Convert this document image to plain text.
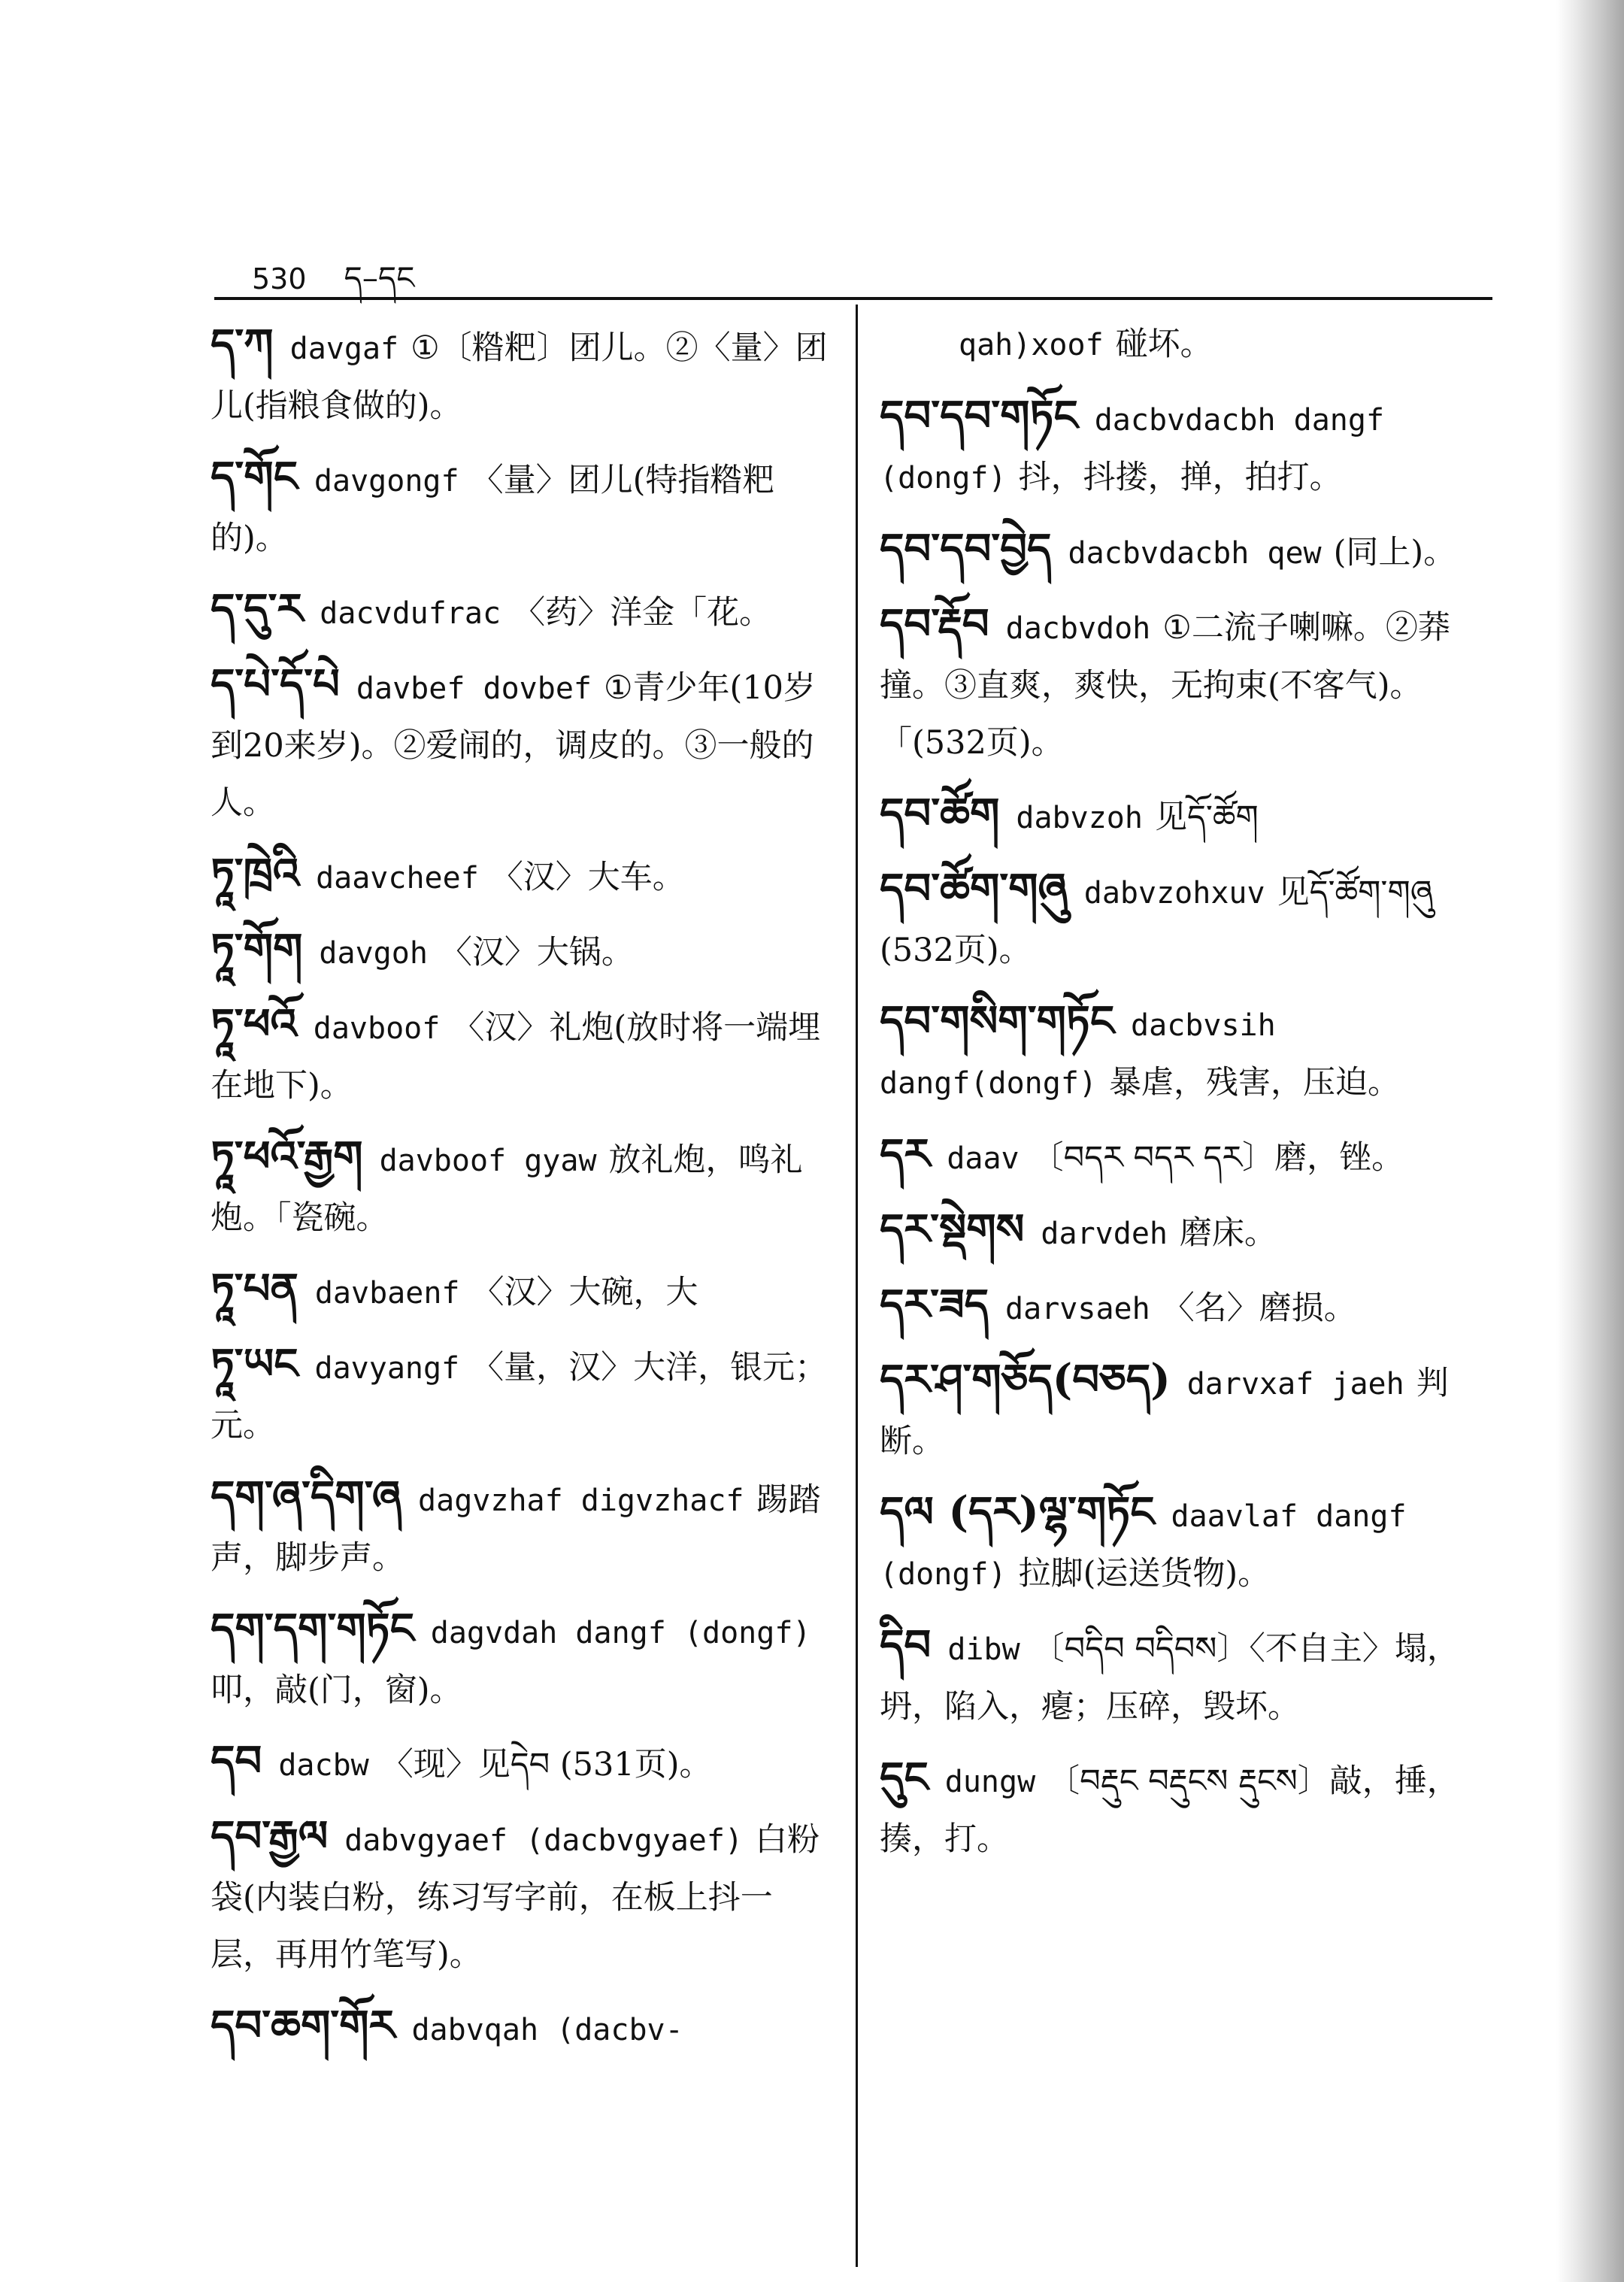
530 ད–དང
ད་ཀ davgaf ①〔糌粑〕团儿。②〈量〉团儿(指粮食做的)。
ད་གོང davgongf 〈量〉团儿(特指糌粑的)。
ད་དུ་ར dacvdufrac 〈药〉洋金「花。
ད་པེ་དོ་པེ davbef dovbef ①青少年(10岁到20来岁)。②爱闹的，调皮的。③一般的人。
ཏཱ་ཁྲེའི daavcheef 〈汉〉大车。
ཏཱ་གོག davgoh 〈汉〉大锅。
ཏཱ་ཕའོ davboof 〈汉〉礼炮(放时将一端埋在地下)。
ཏཱ་ཕའོ་རྒྱག davboof gyaw 放礼炮，鸣礼炮。「瓷碗。
ཏཱ་པན davbaenf 〈汉〉大碗，大
ཏཱ་ཡང davyangf 〈量，汉〉大洋，银元；元。
དག་ཞ་དིག་ཞ dagvzhaf digvzhacf 踢踏声，脚步声。
དག་དག་གཏོང dagvdah dangf (dongf)叩，敲(门，窗)。
དབ dacbw 〈现〉见དེབ (531页)。
དབ་རྒྱལ dabvgyaef (dacbvgyaef) 白粉袋(内装白粉，练习写字前，在板上抖一层，再用竹笔写)。
དབ་ཆག་གོར dabvqah (dacbv-
qah)xoof 碰坏。
དབ་དབ་གཏོང dacbvdacbh dangf (dongf) 抖，抖搂，掸，拍打。
དབ་དབ་བྱེད dacbvdacbh qew (同上)。
དབ་རྡོབ dacbvdoh ①二流子喇嘛。②莽撞。③直爽，爽快，无拘束(不客气)。「(532页)。
དབ་ཚོག dabvzoh 见དོ་ཚོག
དབ་ཚོག་གཞུ dabvzohxuv 见དོ་ཚོག་གཞུ (532页)。
དབ་གསིག་གཏོང dacbvsih dangf(dongf) 暴虐，残害，压迫。
དར daav 〔བདར བདར དར〕磨，锉。
དར་སྡེགས darvdeh 磨床。
དར་ཟད darvsaeh 〈名〉磨损。
དར་ཤ་གཅོད(བཅད) darvxaf jaeh 判断。
དལ (དར)ལྷ་གཏོང daavlaf dangf (dongf) 拉脚(运送货物)。
དིབ dibw 〔བདིབ བདིབས〕〈不自主〉塌，坍，陷入，瘪；压碎，毁坏。
དུང dungw 〔བརྡུང བརྡུངས རྡུངས〕敲，捶，揍，打。
